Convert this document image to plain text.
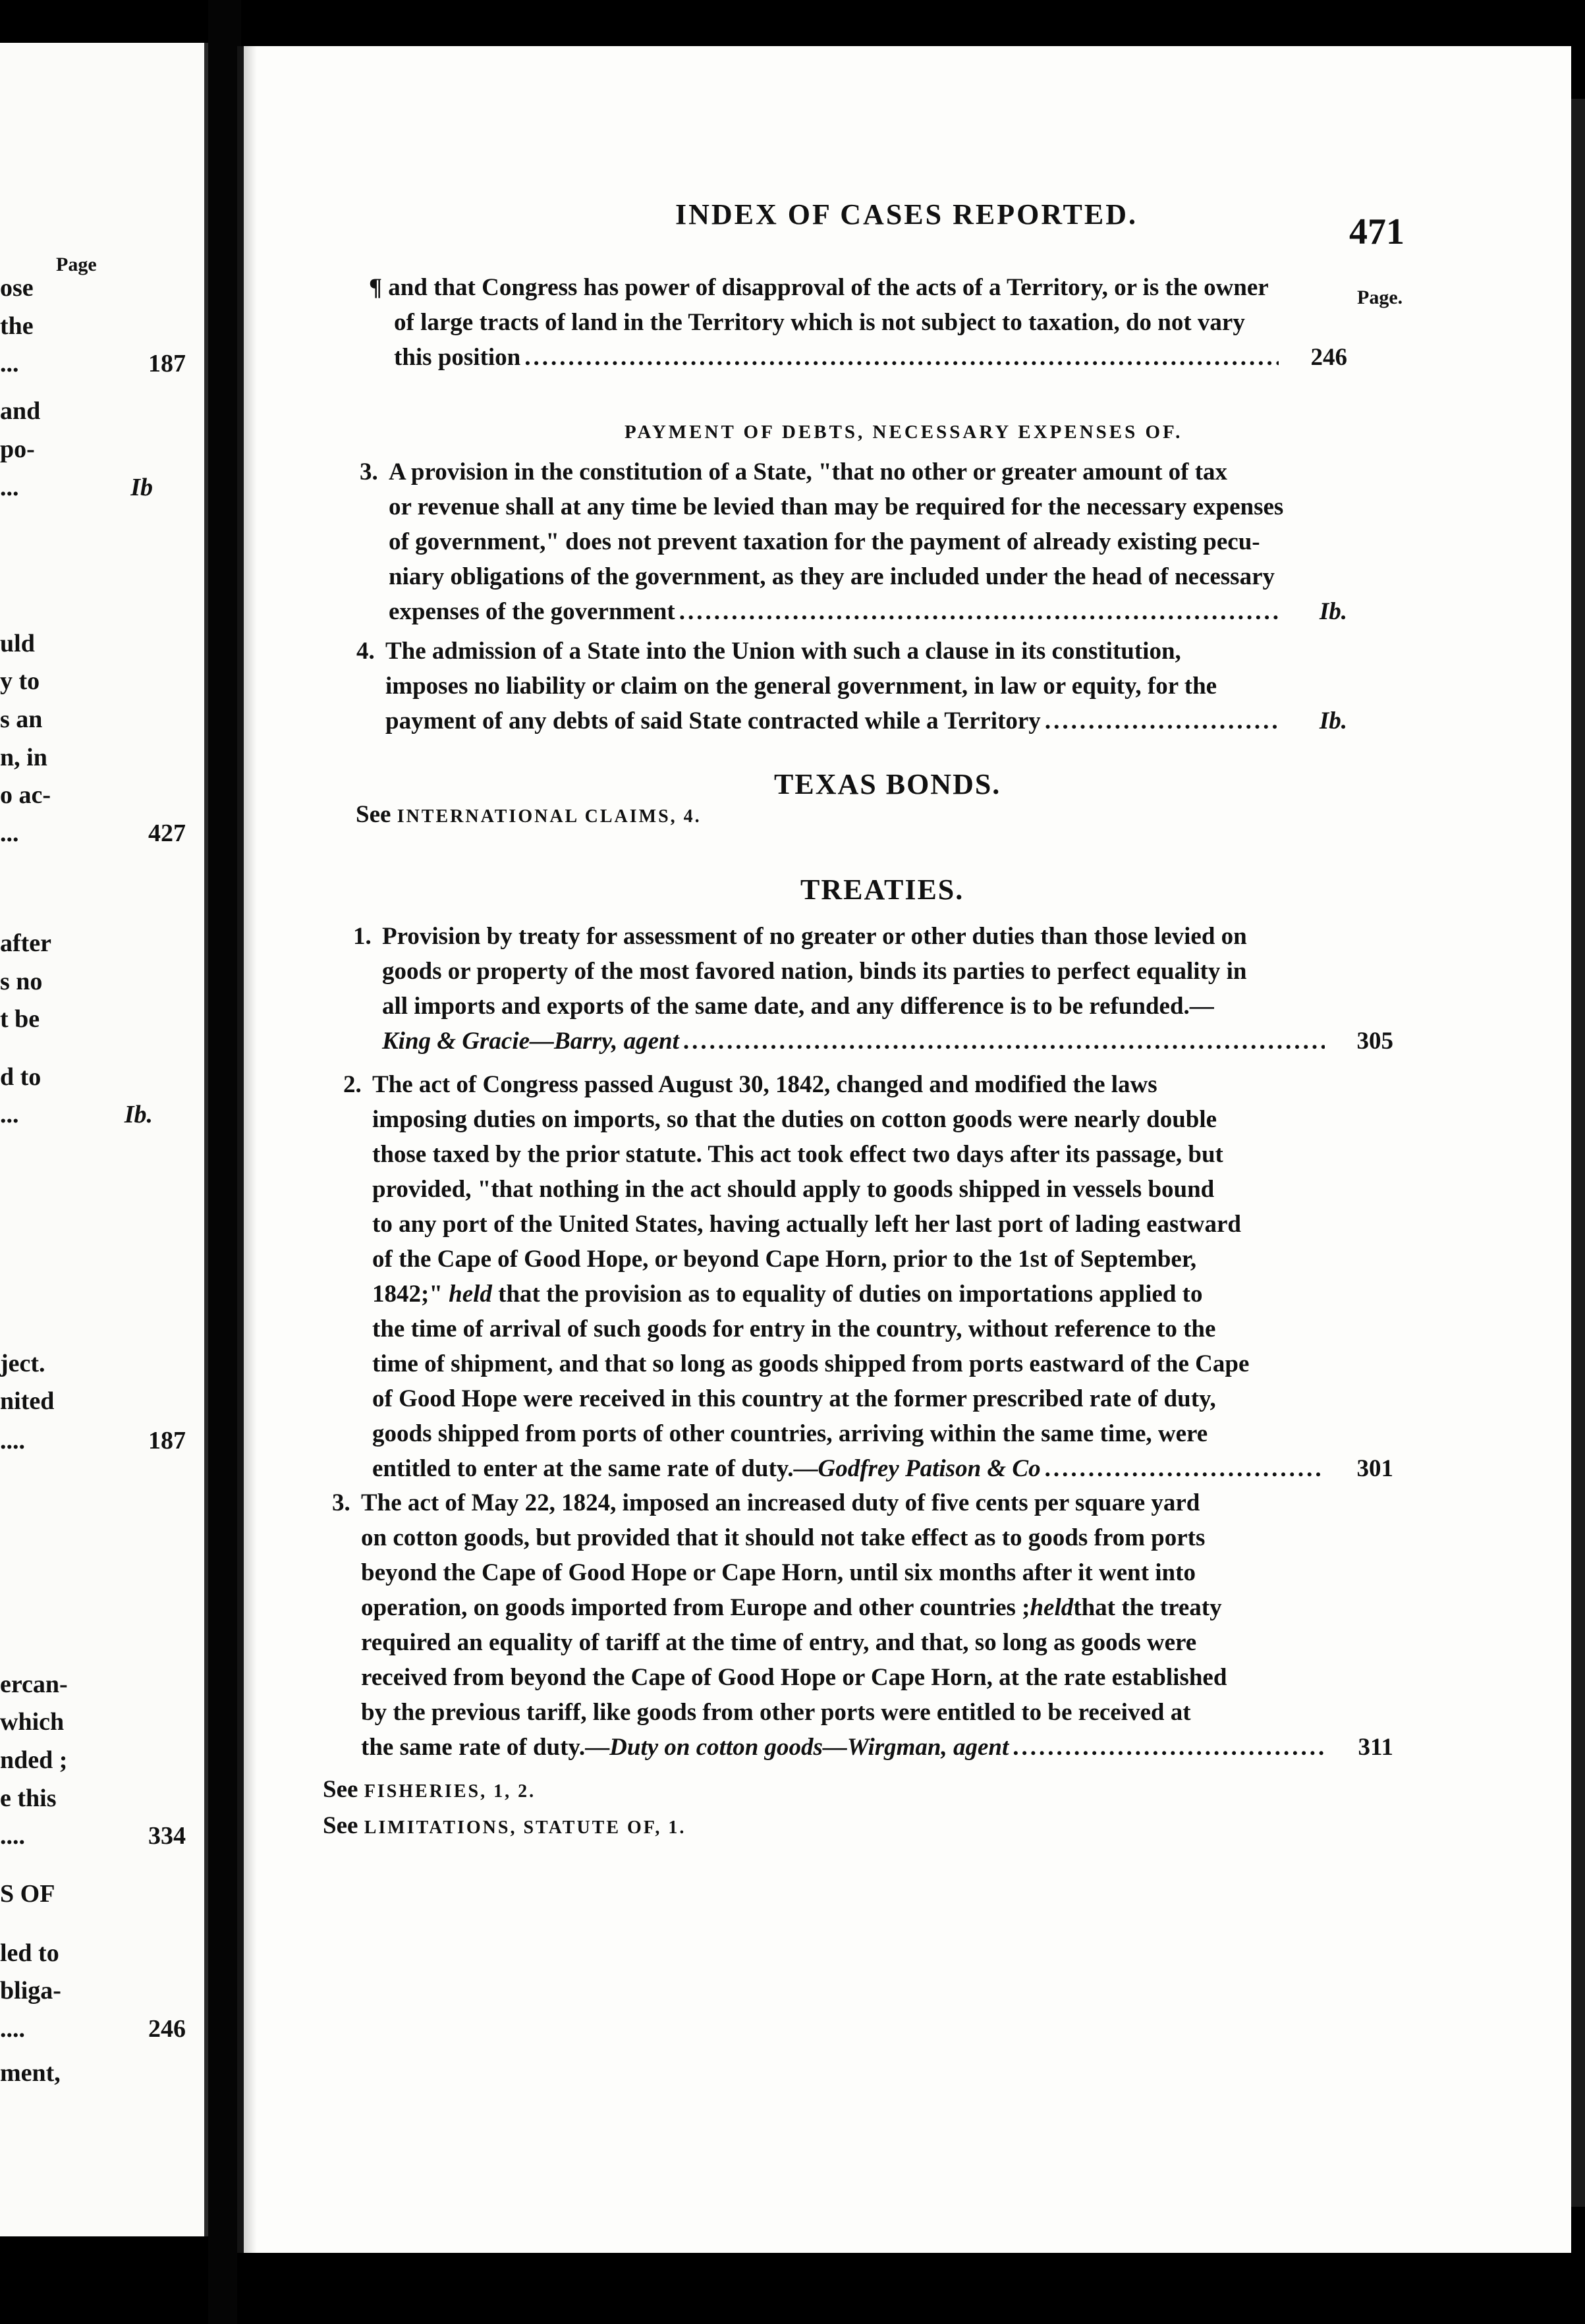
Page
ose
the
...	187
and
po-
...	Ib
uld
y to
s an
n, in
o ac-
...	427
after
s no
t be
d to
...	Ib.
ject.
nited
....	187
ercan-
which
nded ;
e this
....	334
S OF
led to
bliga-
....	246
ment,
INDEX OF CASES REPORTED.	471
Page.
¶ and that Congress has power of disapproval of the acts of a Territory, or is the owner
of large tracts of land in the Territory which is not subject to taxation, do not vary
this position .....	246
PAYMENT OF DEBTS, NECESSARY EXPENSES OF.
3. A provision in the constitution of a State, "that no other or greater amount of tax
or revenue shall at any time be levied than may be required for the necessary expenses
of government," does not prevent taxation for the payment of already existing pecu-
niary obligations of the government, as they are included under the head of necessary
expenses of the government .....	Ib.
4. The admission of a State into the Union with such a clause in its constitution,
imposes no liability or claim on the general government, in law or equity, for the
payment of any debts of said State contracted while a Territory .....	Ib.
TEXAS BONDS.
See INTERNATIONAL CLAIMS, 4.
TREATIES.
1. Provision by treaty for assessment of no greater or other duties than those levied on
goods or property of the most favored nation, binds its parties to perfect equality in
all imports and exports of the same date, and any difference is to be refunded.—
King & Gracie—Barry, agent .....	305
2. The act of Congress passed August 30, 1842, changed and modified the laws
imposing duties on imports, so that the duties on cotton goods were nearly double
those taxed by the prior statute. This act took effect two days after its passage, but
provided, "that nothing in the act should apply to goods shipped in vessels bound
to any port of the United States, having actually left her last port of lading eastward
of the Cape of Good Hope, or beyond Cape Horn, prior to the 1st of September,
1842;"
held
that the provision as to equality of duties on importations applied to
the time of arrival of such goods for entry in the country, without reference to the
time of shipment, and that so long as goods shipped from ports eastward of the Cape
of Good Hope were received in this country at the former prescribed rate of duty,
goods shipped from ports of other countries, arriving within the same time, were
entitled to enter at the same rate of duty.— Godfrey Patison & Co .....	301
3. The act of May 22, 1824, imposed an increased duty of five cents per square yard
on cotton goods, but provided that it should not take effect as to goods from ports
beyond the Cape of Good Hope or Cape Horn, until six months after it went into
operation, on goods imported from Europe and other countries ; held that the treaty
required an equality of tariff at the time of entry, and that, so long as goods were
received from beyond the Cape of Good Hope or Cape Horn, at the rate established
by the previous tariff, like goods from other ports were entitled to be received at
the same rate of duty.— Duty on cotton goods—Wirgman, agent .....	311
See FISHERIES, 1, 2.
See LIMITATIONS, STATUTE OF, 1.
